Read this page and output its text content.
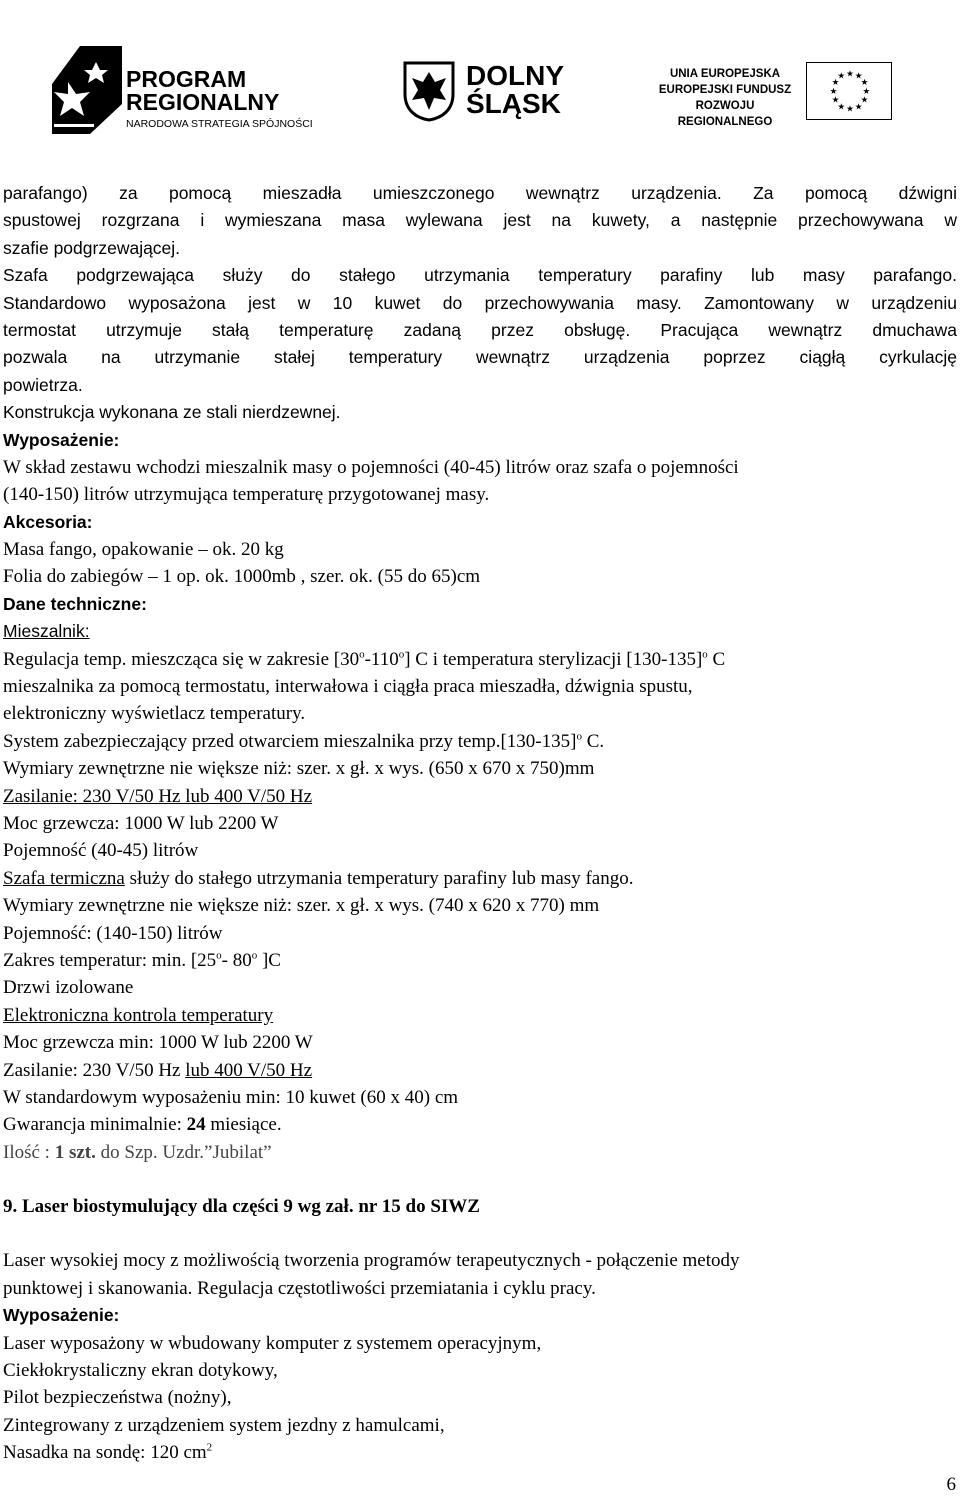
PROGRAM
REGIONALNY
NARODOWA STRATEGIA SPÓJNOŚCI
DOLNY
ŚLĄSK
UNIA EUROPEJSKA
EUROPEJSKI FUNDUSZ
ROZWOJU REGIONALNEGO
★ ★
★
★
★
★
★
★
★
★
★
★
parafango) za pomocą mieszadła umieszczonego wewnątrz urządzenia. Za pomocą dźwigni
spustowej rozgrzana i wymieszana masa wylewana jest na kuwety, a następnie przechowywana w
szafie podgrzewającej.
Szafa podgrzewająca służy do stałego utrzymania temperatury parafiny lub masy parafango.
Standardowo wyposażona jest w 10 kuwet do przechowywania masy. Zamontowany w urządzeniu
termostat utrzymuje stałą temperaturę zadaną przez obsługę. Pracująca wewnątrz dmuchawa
pozwala na utrzymanie stałej temperatury wewnątrz urządzenia poprzez ciągłą cyrkulację
powietrza.
Konstrukcja wykonana ze stali nierdzewnej.
Wyposażenie:
W skład zestawu wchodzi mieszalnik masy o pojemności (40-45) litrów oraz szafa o pojemności
(140-150) litrów utrzymująca temperaturę przygotowanej masy.
Akcesoria:
Masa fango, opakowanie – ok. 20 kg
Folia do zabiegów – 1 op. ok. 1000mb , szer. ok. (55 do 65)cm
Dane techniczne:
Mieszalnik:
Regulacja temp. mieszcząca się w zakresie [30$^o$-110$^o$] C i temperatura sterylizacji $[130-135]^o$ C
mieszalnika za pomocą termostatu, interwałowa i ciągła praca mieszadła, dźwignia spustu,
elektroniczny wyświetlacz temperatury.
System zabezpieczający przed otwarciem mieszalnika przy $temp.[130-135]^o$ C.
Wymiary zewnętrzne nie większe niż: szer. x gł. x wys. (650 x 670 x 750)mm
Zasilanie: 230 V/50 Hz lub 400 V/50 Hz
Moc grzewcza: 1000 W lub 2200 W
Pojemność (40-45) litrów
Szafa termiczna służy do stałego utrzymania temperatury parafiny lub masy fango.
Wymiary zewnętrzne nie większe niż: szer. x gł. x wys. (740 x 620 x 770) mm
Pojemność: (140-150) litrów
Zakres temperatur: min. [25$^o$- 80$^o$ ]C
Drzwi izolowane
Elektroniczna kontrola temperatury
Moc grzewcza min: 1000 W lub 2200 W
Zasilanie: 230 V/50 Hz lub 400 V/50 Hz
W standardowym wyposażeniu min: 10 kuwet (60 x 40) cm
Gwarancja minimalnie: 24 miesiące.
Ilość : 1 szt. do Szp. Uzdr.”Jubilat”
9. Laser biostymulujący dla części 9 wg zał. nr 15 do SIWZ
Laser wysokiej mocy z możliwością tworzenia programów terapeutycznych - połączenie metody
punktowej i skanowania. Regulacja częstotliwości przemiatania i cyklu pracy.
Wyposażenie:
Laser wyposażony w wbudowany komputer z systemem operacyjnym,
Ciekłokrystaliczny ekran dotykowy,
Pilot bezpieczeństwa (nożny),
Zintegrowany z urządzeniem system jezdny z hamulcami,
Nasadka na sondę: 120 $cm^2$
6
